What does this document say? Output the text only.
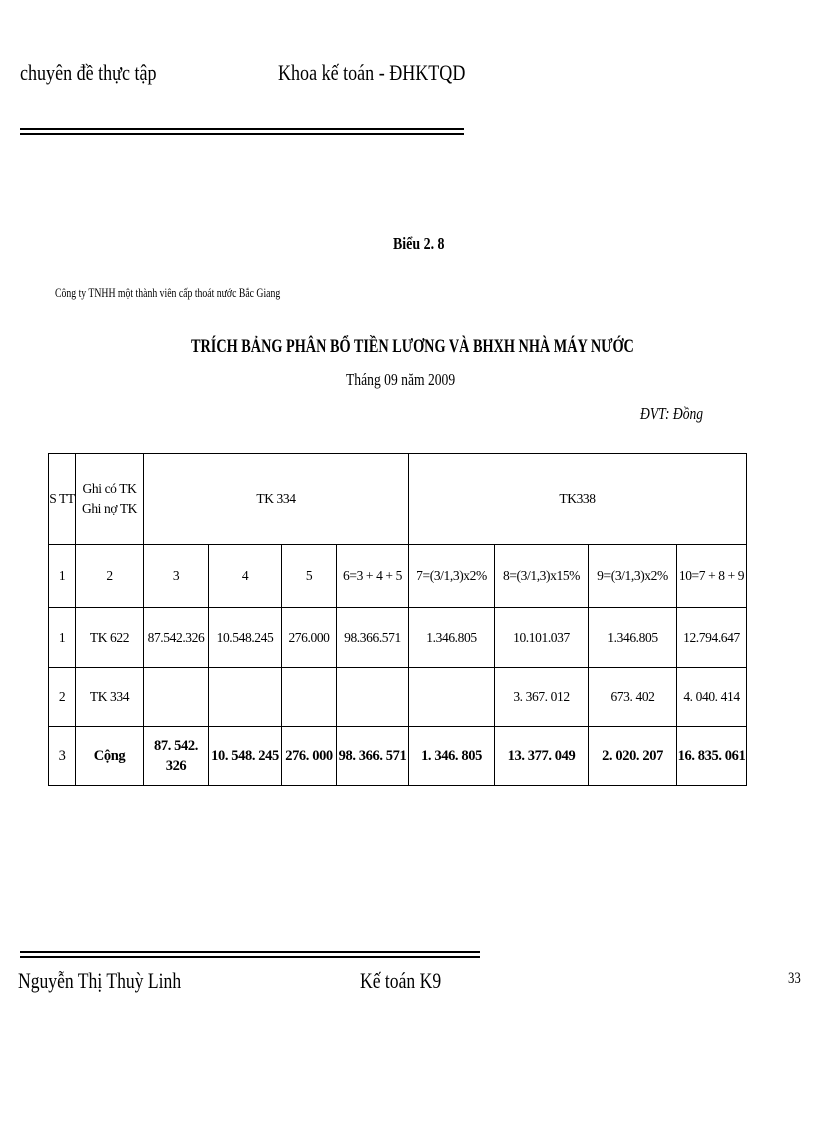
chuyên đề thực tập	Khoa kế toán - ĐHKTQD
Biểu 2. 8
Công ty TNHH một thành viên cấp thoát nước Bắc Giang
TRÍCH BẢNG PHÂN BỔ TIỀN LƯƠNG VÀ BHXH NHÀ MÁY NƯỚC
Tháng 09 năm 2009
ĐVT: Đồng
S TT	Ghi có TK Ghi nợ TK	TK 334				TK338			
1	2	3	4	5	6=3 + 4 + 5	7=(3/1,3)x2%	8=(3/1,3)x15%	9=(3/1,3)x2%	10=7 + 8 + 9
1	TK 622	87.542.326	10.548.245	276.000	98.366.571	1.346.805	10.101.037	1.346.805	12.794.647
2	TK 334						3. 367. 012	673. 402	4. 040. 414
3	Cộng	87. 542. 326	10. 548. 245	276. 000	98. 366. 571	1. 346. 805	13. 377. 049	2. 020. 207	16. 835. 061
Nguyễn Thị Thuỳ Linh	Kế toán K9	33
